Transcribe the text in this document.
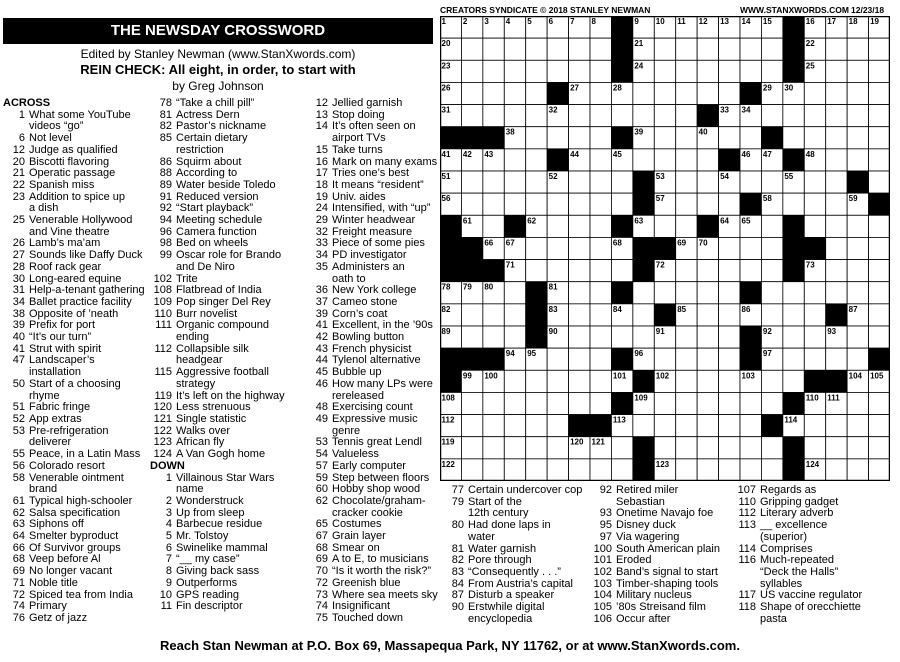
CREATORS SYNDICATE © 2018 STANLEY NEWMAN	WWW.STANXWORDS.COM 12/23/18
THE NEWSDAY CROSSWORD
Edited by Stanley Newman (www.StanXwords.com)
REIN CHECK: All eight, in order, to start with
by Greg Johnson
ACROSS
1 What some YouTube
videos “go”
6 Not level
12 Judge as qualified
20 Biscotti flavoring
21 Operatic passage
22 Spanish miss
23 Addition to spice up
a dish
25 Venerable Hollywood
and Vine theatre
26 Lamb’s ma’am
27 Sounds like Daffy Duck
28 Roof rack gear
30 Long-eared equine
31 Help-a-tenant gathering
34 Ballet practice facility
38 Opposite of ’neath
39 Prefix for port
40 “It’s our turn”
41 Strut with spirit
47 Landscaper’s
installation
50 Start of a choosing
rhyme
51 Fabric fringe
52 App extras
53 Pre-refrigeration
deliverer
55 Peace, in a Latin Mass
56 Colorado resort
58 Venerable ointment
brand
61 Typical high-schooler
62 Salsa specification
63 Siphons off
64 Smelter byproduct
66 Of Survivor groups
68 Veep before Al
69 No longer vacant
71 Noble title
72 Spiced tea from India
74 Primary
76 Getz of jazz
78 “Take a chill pill”
81 Actress Dern
82 Pastor’s nickname
85 Certain dietary
restriction
86 Squirm about
88 According to
89 Water beside Toledo
91 Reduced version
92 “Start playback”
94 Meeting schedule
96 Camera function
98 Bed on wheels
99 Oscar role for Brando
and De Niro
102 Trite
108 Flatbread of India
109 Pop singer Del Rey
110 Burr novelist
111 Organic compound
ending
112 Collapsible silk
headgear
115 Aggressive football
strategy
119 It’s left on the highway
120 Less strenuous
121 Single statistic
122 Walks over
123 African fly
124 A Van Gogh home
DOWN
1 Villainous Star Wars
name
2 Wonderstruck
3 Up from sleep
4 Barbecue residue
5 Mr. Tolstoy
6 Swinelike mammal
7 “__ my case”
8 Giving back sass
9 Outperforms
10 GPS reading
11 Fin descriptor
12 Jellied garnish
13 Stop doing
14 It’s often seen on
airport TVs
15 Take turns
16 Mark on many exams
17 Tries one’s best
18 It means “resident”
19 Univ. aides
24 Intensified, with “up”
29 Winter headwear
32 Freight measure
33 Piece of some pies
34 PD investigator
35 Administers an
oath to
36 New York college
37 Cameo stone
39 Corn’s coat
41 Excellent, in the ’90s
42 Bowling button
43 French physicist
44 Tylenol alternative
45 Bubble up
46 How many LPs were
rereleased
48 Exercising count
49 Expressive music
genre
53 Tennis great Lendl
54 Valueless
57 Early computer
59 Step between floors
60 Hobby shop wood
62 Chocolate/graham-
cracker cookie
65 Costumes
67 Grain layer
68 Smear on
69 A to E, to musicians
70 “Is it worth the risk?”
72 Greenish blue
73 Where sea meets sky
74 Insignificant
75 Touched down
77 Certain undercover cop
79 Start of the
12th century
80 Had done laps in
water
81 Water garnish
82 Pore through
83 “Consequently . . .”
84 From Austria’s capital
87 Disturb a speaker
90 Erstwhile digital
encyclopedia
92 Retired miler
Sebastian
93 Onetime Navajo foe
95 Disney duck
97 Via wagering
100 South American plain
101 Eroded
102 Band’s signal to start
103 Timber-shaping tools
104 Military nucleus
105 ’80s Streisand film
106 Occur after
107 Regards as
110 Gripping gadget
112 Literary adverb
113 __ excellence
(superior)
114 Comprises
116 Much-repeated
“Deck the Halls”
syllables
117 US vaccine regulator
118 Shape of orecchiette
pasta
1 2 3 4 5 6 7 8	9 10 11 12 13 14 15	16 17 18 19
20	21	22
23	24	25
26	27	28	29 30
31	32	33 34
38	39	40
41 42 43	44	45	46 47	48
51	52	53	54	55
56	57	58	59
61	62	63	64 65
66 67	68	69 70
71	72	73
78 79 80	81
82	83	84	85	86	87
89	90	91	92	93
94 95	96	97
99 100	101	102	103	104 105
108	109	110 111
112	113	114
119	120 121
122	123	124
Reach Stan Newman at P.O. Box 69, Massapequa Park, NY 11762, or at www.StanXwords.com.
